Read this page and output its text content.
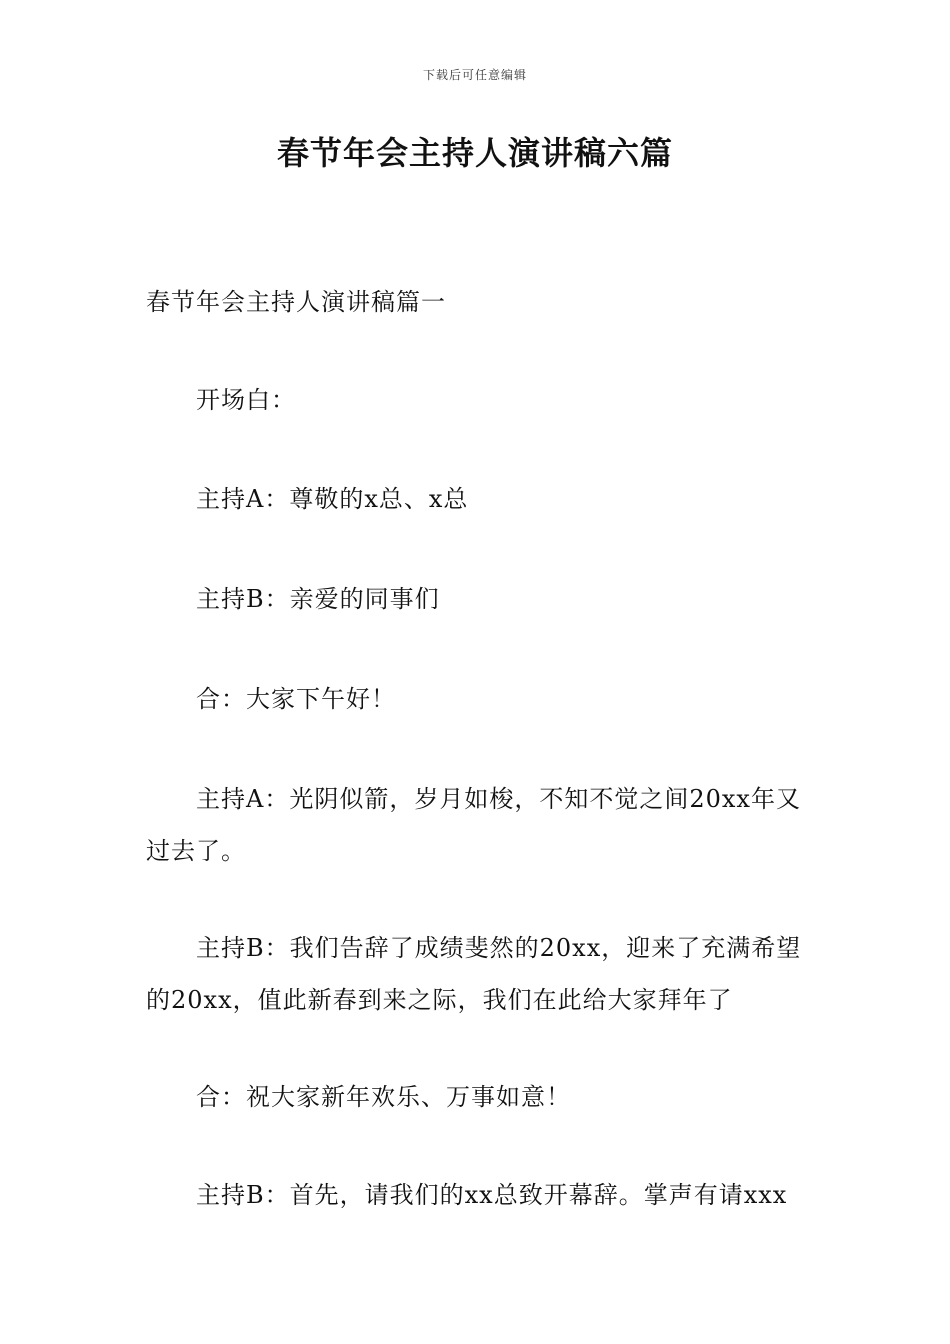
下载后可任意编辑
春节年会主持人演讲稿六篇
春节年会主持人演讲稿篇一

开场白：

主持A：尊敬的x总、x总

主持B：亲爱的同事们

合：大家下午好！

主持A：光阴似箭，岁月如梭，不知不觉之间20xx年又过去了。

主持B：我们告辞了成绩斐然的20xx，迎来了充满希望的20xx，值此新春到来之际，我们在此给大家拜年了

合：祝大家新年欢乐、万事如意！

主持B：首先，请我们的xx总致开幕辞。掌声有请xxx
